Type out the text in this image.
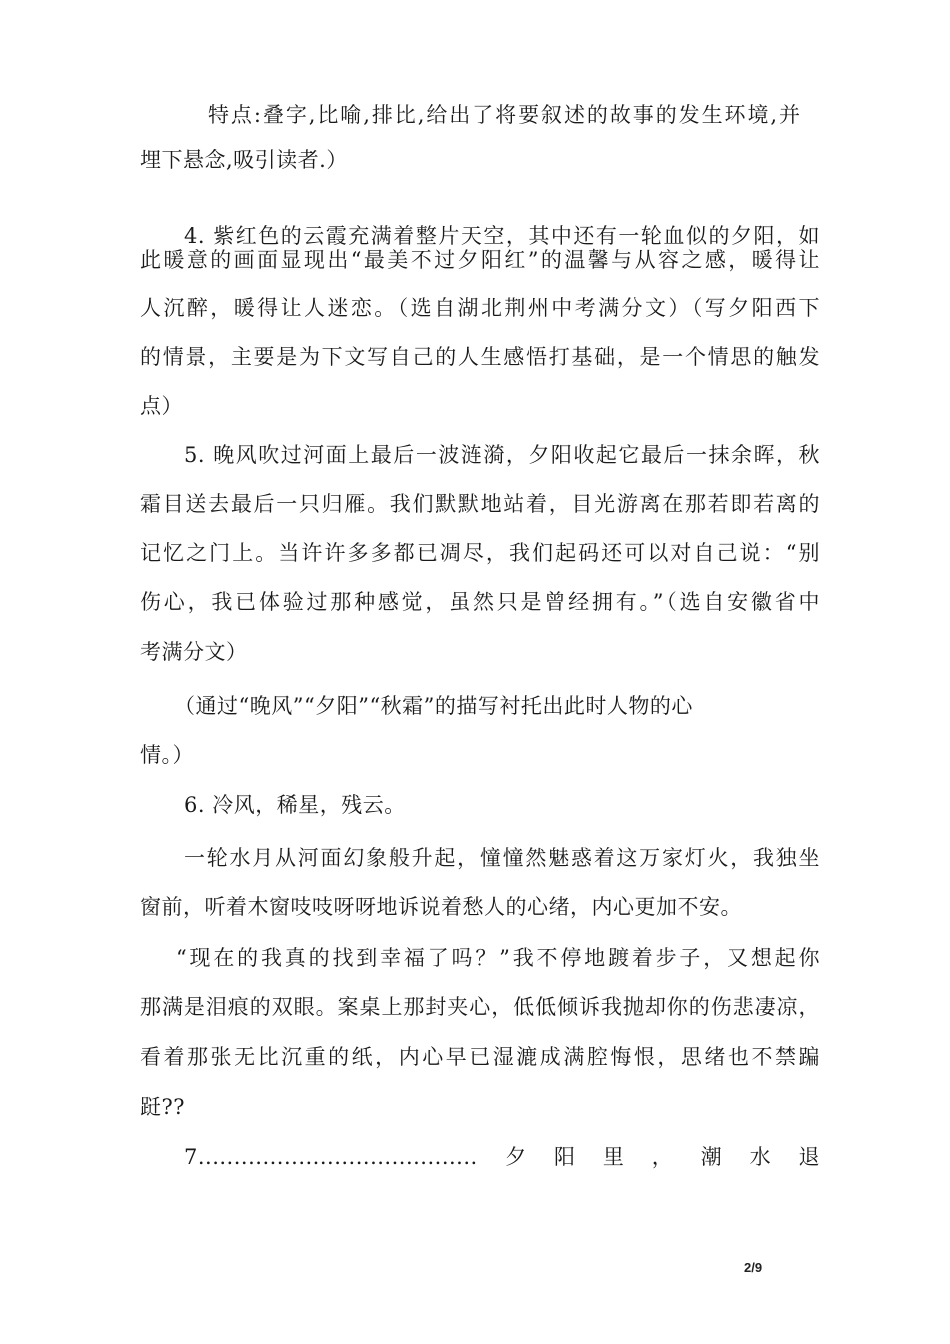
特点:叠字,比喻,排比,给出了将要叙述的故事的发生环境,并
埋下悬念,吸引读者.）
4. 紫红色的云霞充满着整片天空，其中还有一轮血似的夕阳，如
此暖意的画面显现出“最美不过夕阳红”的温馨与从容之感，暖得让
人沉醉，暖得让人迷恋。（选自湖北荆州中考满分文）（写夕阳西下
的情景，主要是为下文写自己的人生感悟打基础，是一个情思的触发
点）
5. 晚风吹过河面上最后一波涟漪，夕阳收起它最后一抹余晖，秋
霜目送去最后一只归雁。我们默默地站着，目光游离在那若即若离的
记忆之门上。当许许多多都已凋尽，我们起码还可以对自己说：“别
伤心，我已体验过那种感觉，虽然只是曾经拥有。”（选自安徽省中
考满分文）
（通过“晚风”“夕阳”“秋霜”的描写衬托出此时人物的心
情。）
6. 冷风，稀星，残云。
一轮水月从河面幻象般升起，憧憧然魅惑着这万家灯火，我独坐
窗前，听着木窗吱吱呀呀地诉说着愁人的心绪，内心更加不安。
“现在的我真的找到幸福了吗？”我不停地踱着步子，又想起你
那满是泪痕的双眼。案桌上那封夹心，低低倾诉我抛却你的伤悲凄凉，
看着那张无比沉重的纸，内心早已湿漉成满腔悔恨，思绪也不禁蹁
跹??
7.......................................夕阳里，潮水退
2/9
